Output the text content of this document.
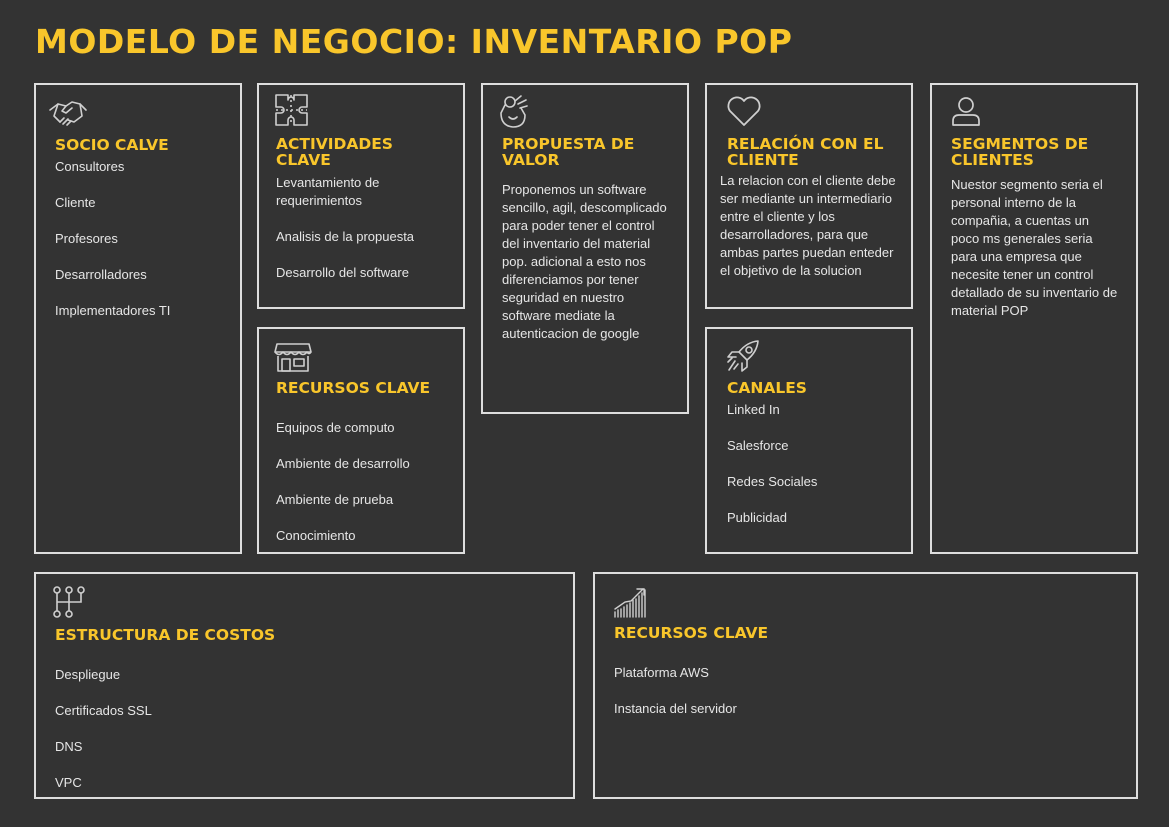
MODELO DE NEGOCIO: INVENTARIO POP
SOCIO CALVE
Consultores
Cliente
Profesores
Desarrolladores
Implementadores TI
ACTIVIDADES
CLAVE
Levantamiento de requerimientos
Analisis de la propuesta
Desarrollo del software
RECURSOS CLAVE
Equipos de computo
Ambiente de desarrollo
Ambiente de prueba
Conocimiento
PROPUESTA DE
VALOR

Proponemos un software sencillo, agil, descomplicado para poder tener el control del inventario del material pop. adicional a esto nos diferenciamos por tener seguridad en nuestro software mediate la autenticacion de google

RELACIÓN CON EL
CLIENTE

La relacion con el cliente debe ser mediante un intermediario entre el cliente y los desarrolladores, para que ambas partes puedan enteder el objetivo de la solucion

CANALES
Linked In
Salesforce
Redes Sociales
Publicidad
SEGMENTOS DE
CLIENTES

Nuestor segmento seria el personal interno de la compañia, a cuentas un poco ms generales seria para una empresa que necesite tener un control detallado de su inventario de material POP

ESTRUCTURA DE COSTOS
Despliegue
Certificados SSL
DNS
VPC
RECURSOS CLAVE
Plataforma AWS
Instancia del servidor
